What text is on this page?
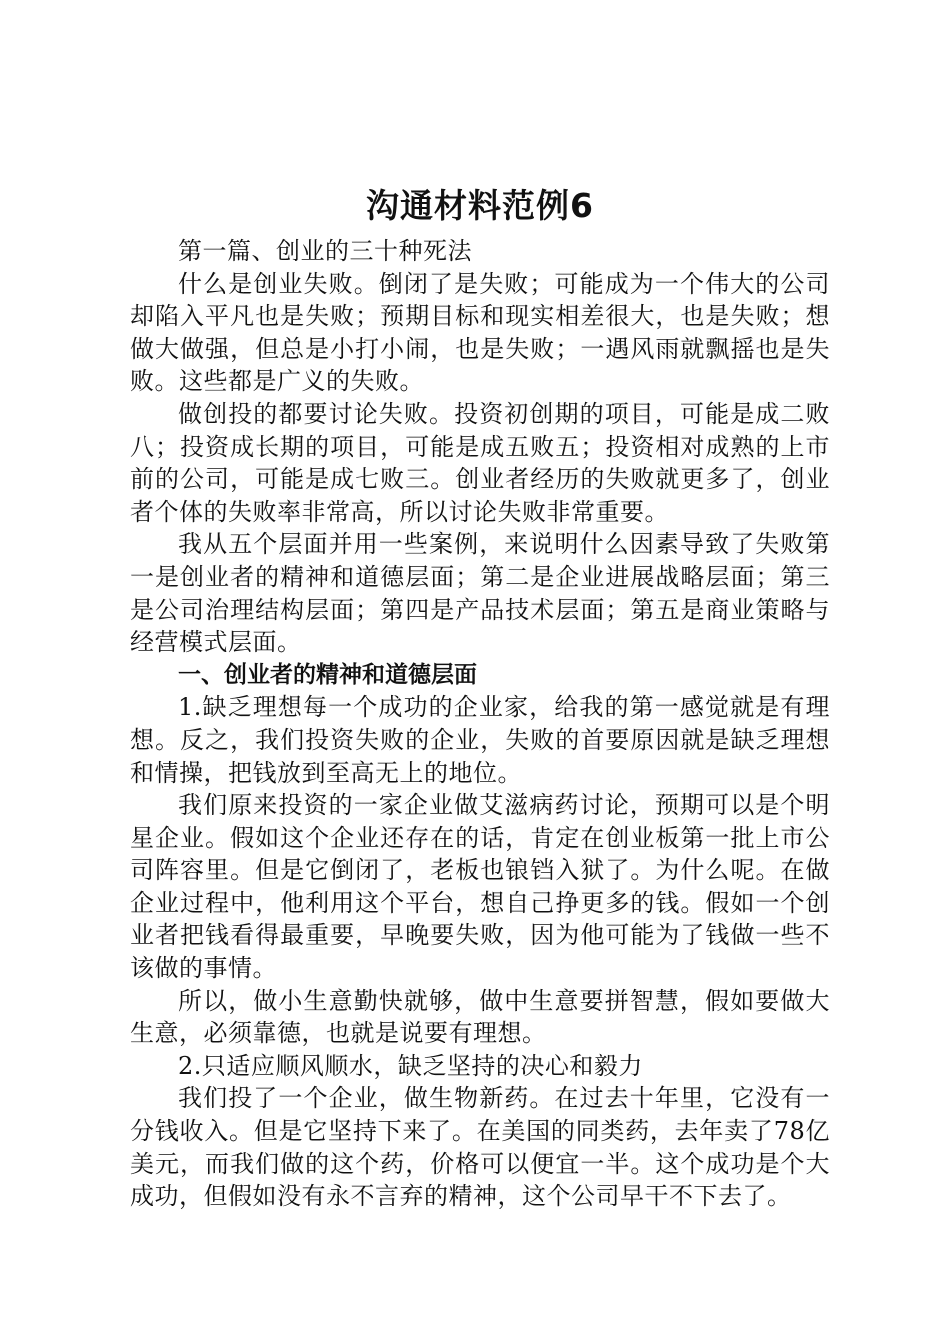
沟通材料范例6

第一篇、创业的三十种死法

什么是创业失败。倒闭了是失败；可能成为一个伟大的公司却陷入平凡也是失败；预期目标和现实相差很大，也是失败；想做大做强，但总是小打小闹，也是失败；一遇风雨就飘摇也是失败。这些都是广义的失败。

做创投的都要讨论失败。投资初创期的项目，可能是成二败八；投资成长期的项目，可能是成五败五；投资相对成熟的上市前的公司，可能是成七败三。创业者经历的失败就更多了，创业者个体的失败率非常高，所以讨论失败非常重要。

我从五个层面并用一些案例，来说明什么因素导致了失败第一是创业者的精神和道德层面；第二是企业进展战略层面；第三是公司治理结构层面；第四是产品技术层面；第五是商业策略与经营模式层面。

一、创业者的精神和道德层面

1.缺乏理想每一个成功的企业家，给我的第一感觉就是有理想。反之，我们投资失败的企业，失败的首要原因就是缺乏理想和情操，把钱放到至高无上的地位。

我们原来投资的一家企业做艾滋病药讨论，预期可以是个明星企业。假如这个企业还存在的话，肯定在创业板第一批上市公司阵容里。但是它倒闭了，老板也锒铛入狱了。为什么呢。在做企业过程中，他利用这个平台，想自己挣更多的钱。假如一个创业者把钱看得最重要，早晚要失败，因为他可能为了钱做一些不该做的事情。

所以，做小生意勤快就够，做中生意要拼智慧，假如要做大生意，必须靠德，也就是说要有理想。

2.只适应顺风顺水，缺乏坚持的决心和毅力

我们投了一个企业，做生物新药。在过去十年里，它没有一分钱收入。但是它坚持下来了。在美国的同类药，去年卖了78亿美元，而我们做的这个药，价格可以便宜一半。这个成功是个大成功，但假如没有永不言弃的精神，这个公司早干不下去了。
